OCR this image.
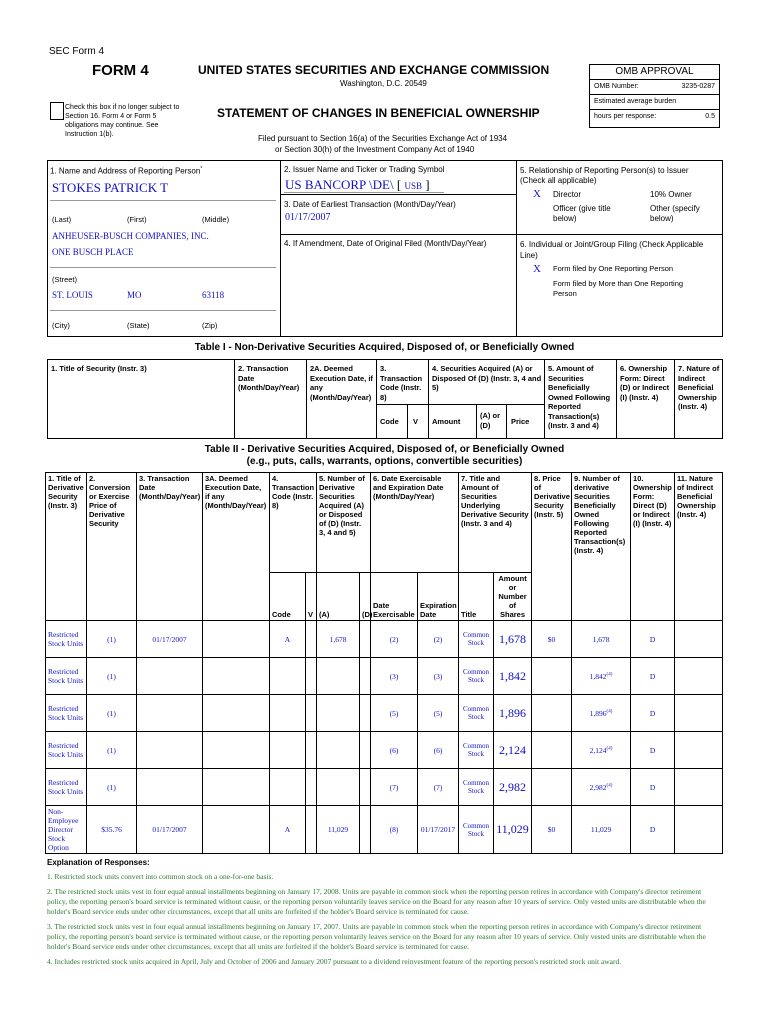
SEC Form 4
FORM 4	UNITED STATES SECURITIES AND EXCHANGE COMMISSION
Washington, D.C. 20549
Check this box if no longer subject to Section 16. Form 4 or Form 5 obligations may continue. See Instruction 1(b).
STATEMENT OF CHANGES IN BENEFICIAL OWNERSHIP
Filed pursuant to Section 16(a) of the Securities Exchange Act of 1934
or Section 30(h) of the Investment Company Act of 1940
OMB APPROVAL
OMB Number:	3235-0287
Estimated average burden
hours per response:	0.5
1. Name and Address of Reporting Person*
STOKES PATRICK T
(Last)	(First)	(Middle)
ANHEUSER-BUSCH COMPANIES, INC.
ONE BUSCH PLACE
(Street)
ST. LOUIS	MO	63118
(City)	(State)	(Zip)
2. Issuer Name and Ticker or Trading Symbol
US BANCORP \DE\ [ USB ]
3. Date of Earliest Transaction (Month/Day/Year)
01/17/2007
4. If Amendment, Date of Original Filed (Month/Day/Year)
5. Relationship of Reporting Person(s) to Issuer
(Check all applicable)
X Director	10% Owner
Officer (give title below)
Other (specify below)
6. Individual or Joint/Group Filing (Check Applicable Line)
X Form filed by One Reporting Person
Form filed by More than One Reporting Person
Table I - Non-Derivative Securities Acquired, Disposed of, or Beneficially Owned
1. Title of Security (Instr. 3)	2. Transaction Date (Month/Day/Year)
2A. Deemed Execution Date, if any (Month/Day/Year)
3. Transaction Code (Instr. 8)
4. Securities Acquired (A) or Disposed Of (D) (Instr. 3, 4 and 5)
5. Amount of Securities Beneficially Owned Following Reported Transaction(s) (Instr. 3 and 4)
6. Ownership Form: Direct (D) or Indirect (I) (Instr. 4)
7. Nature of Indirect Beneficial Ownership (Instr. 4)
Code V Amount
(A) or (D)	Price
Table II - Derivative Securities Acquired, Disposed of, or Beneficially Owned
(e.g., puts, calls, warrants, options, convertible securities)
1. Title of Derivative Security (Instr. 3)	2. Conversion or Exercise Price of Derivative Security	3. Transaction Date (Month/Day/Year)	3A. Deemed Execution Date, if any (Month/Day/Year)	4. Transaction Code (Instr. 8)		5. Number of Derivative Securities Acquired (A) or Disposed of (D) (Instr. 3, 4 and 5)		6. Date Exercisable and Expiration Date (Month/Day/Year)		7. Title and Amount of Securities Underlying Derivative Security (Instr. 3 and 4)		8. Price of Derivative Security (Instr. 5)	9. Number of derivative Securities Beneficially Owned Following Reported Transaction(s) (Instr. 4)	10. Ownership Form: Direct (D) or Indirect (I) (Instr. 4)	11. Nature of Indirect Beneficial Ownership (Instr. 4)
				Code	V	(A)	(D)	Date Exercisable	Expiration Date	Title	Amount or Number of Shares				
Restricted Stock Units	(1)	01/17/2007		A		1,678		(2)	(2)	Common Stock	1,678	$0	1,678	D	
Restricted Stock Units	(1)							(3)	(3)	Common Stock	1,842		1,842$^{(4)}$	D	
Restricted Stock Units	(1)							(5)	(5)	Common Stock	1,896		1,896$^{(4)}$	D	
Restricted Stock Units	(1)							(6)	(6)	Common Stock	2,124		2,124$^{(4)}$	D	
Restricted Stock Units	(1)							(7)	(7)	Common Stock	2,982		2,982$^{(4)}$	D	
Non-Employee Director Stock Option	$35.76	01/17/2007		A		11,029		(8)	01/17/2017	Common Stock	11,029	$0	11,029	D	
Explanation of Responses:
1. Restricted stock units convert into common stock on a one-for-one basis.
2. The restricted stock units vest in four equal annual installments beginning on January 17, 2008. Units are payable in common stock when the reporting person retires in accordance with Company's director retirement policy, the reporting person's board service is terminated without cause, or the reporting person voluntarily leaves service on the Board for any reason after 10 years of service. Only vested units are distributable when the holder's Board service ends under other circumstances, except that all units are forfeited if the holder's Board service is terminated for cause.
3. The restricted stock units vest in four equal annual installments beginning on January 17, 2007. Units are payable in common stock when the reporting person retires in accordance with Company's director retirement policy, the reporting person's board service is terminated without cause, or the reporting person voluntarily leaves service on the Board for any reason after 10 years of service. Only vested units are distributable when the holder's Board service ends under other circumstances, except that all units are forfeited if the holder's Board service is terminated for cause.
4. Includes restricted stock units acquired in April, July and October of 2006 and January 2007 pursuant to a dividend reinvestment feature of the reporting person's restricted stock unit award.
